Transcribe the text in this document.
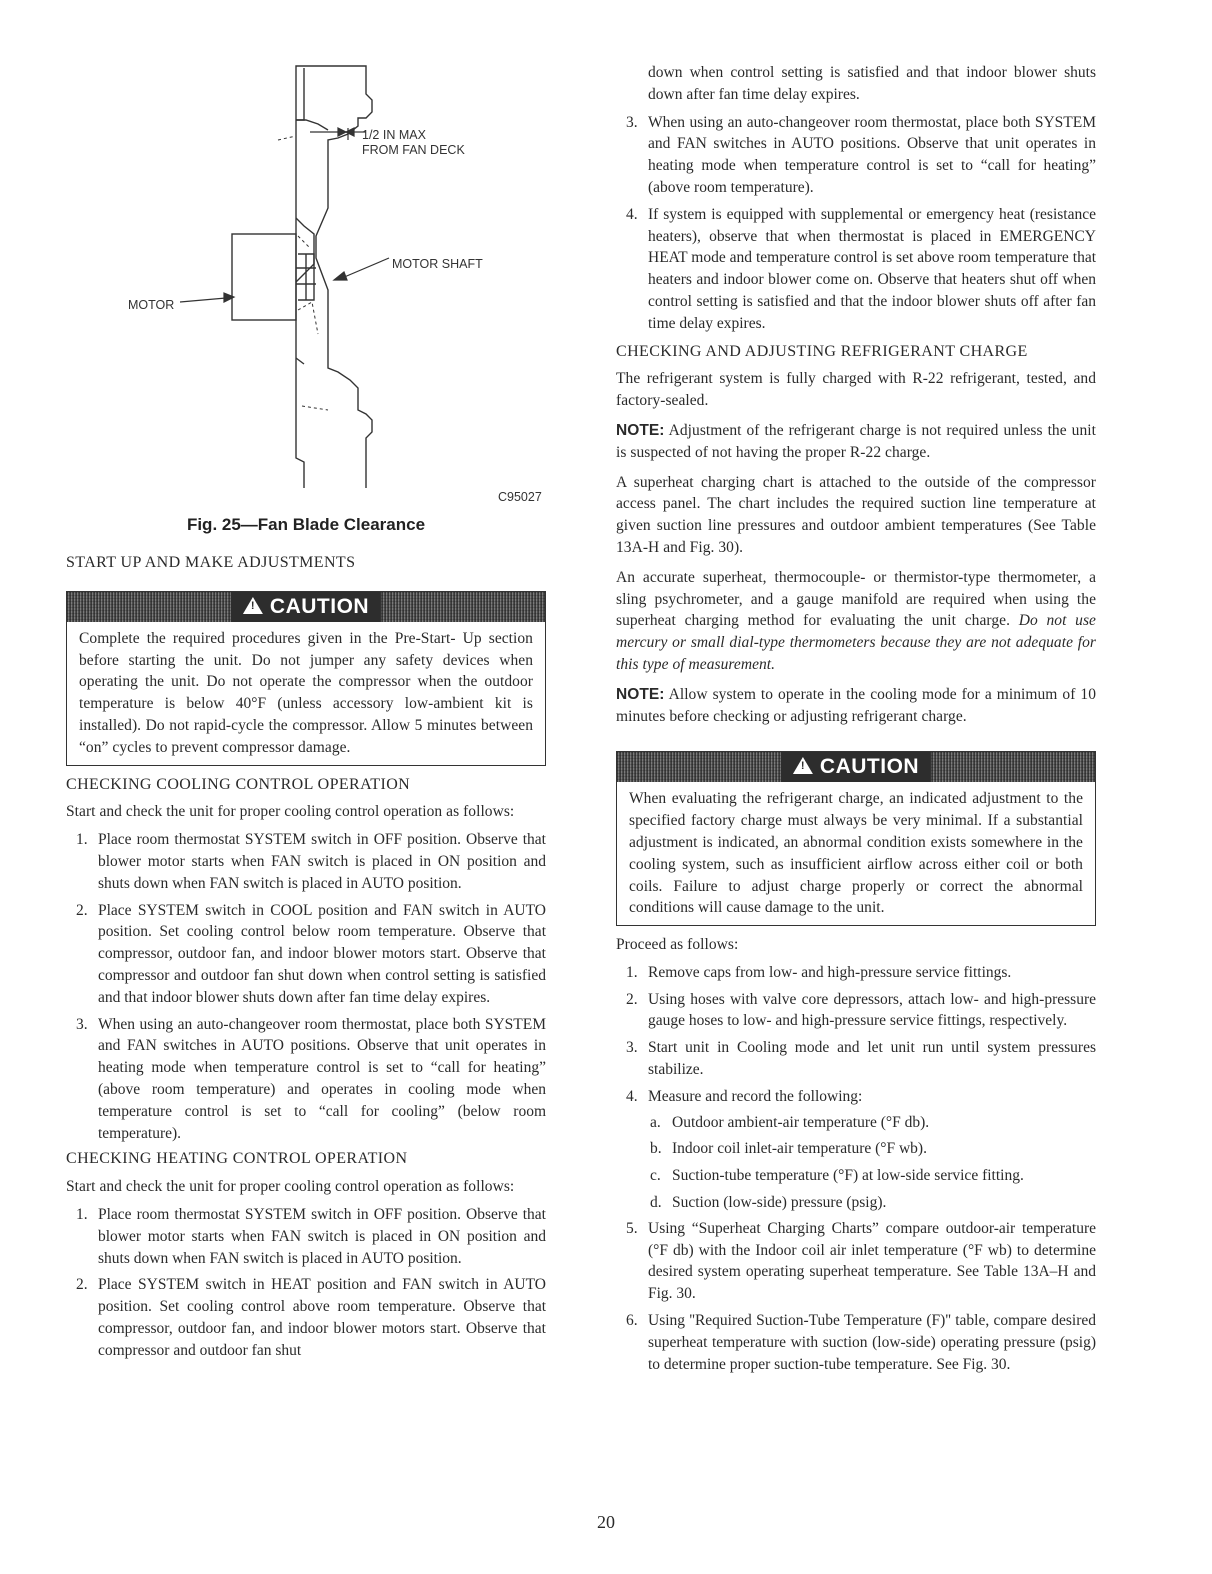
1/2 IN MAX
FROM FAN DECK
MOTOR SHAFT
MOTOR
C95027
Fig. 25—Fan Blade Clearance

START UP AND MAKE ADJUSTMENTS

! CAUTION

Complete the required procedures given in the Pre-Start- Up section before starting the unit. Do not jumper any safety devices when operating the unit. Do not operate the compressor when the outdoor temperature is below 40°F (unless accessory low-ambient kit is installed). Do not rapid-cycle the compressor. Allow 5 minutes between “on” cycles to prevent compressor damage.

CHECKING COOLING CONTROL OPERATION

Start and check the unit for proper cooling control operation as follows:

1. Place room thermostat SYSTEM switch in OFF position. Observe that blower motor starts when FAN switch is placed in ON position and shuts down when FAN switch is placed in AUTO position.
2. Place SYSTEM switch in COOL position and FAN switch in AUTO position. Set cooling control below room temperature. Observe that compressor, outdoor fan, and indoor blower motors start. Observe that compressor and outdoor fan shut down when control setting is satisfied and that indoor blower shuts down after fan time delay expires.
3. When using an auto-changeover room thermostat, place both SYSTEM and FAN switches in AUTO positions. Observe that unit operates in heating mode when temperature control is set to “call for heating” (above room temperature) and operates in cooling mode when temperature control is set to “call for cooling” (below room temperature).

CHECKING HEATING CONTROL OPERATION

Start and check the unit for proper cooling control operation as follows:

1. Place room thermostat SYSTEM switch in OFF position. Observe that blower motor starts when FAN switch is placed in ON position and shuts down when FAN switch is placed in AUTO position.
2. Place SYSTEM switch in HEAT position and FAN switch in AUTO position. Set cooling control above room temperature. Observe that compressor, outdoor fan, and indoor blower motors start. Observe that compressor and outdoor fan shut
down when control setting is satisfied and that indoor blower shuts down after fan time delay expires.
3. When using an auto-changeover room thermostat, place both SYSTEM and FAN switches in AUTO positions. Observe that unit operates in heating mode when temperature control is set to “call for heating” (above room temperature).
4. If system is equipped with supplemental or emergency heat (resistance heaters), observe that when thermostat is placed in EMERGENCY HEAT mode and temperature control is set above room temperature that heaters and indoor blower come on. Observe that heaters shut off when control setting is satisfied and that the indoor blower shuts off after fan time delay expires.

CHECKING AND ADJUSTING REFRIGERANT CHARGE

The refrigerant system is fully charged with R-22 refrigerant, tested, and factory-sealed.

NOTE: Adjustment of the refrigerant charge is not required unless the unit is suspected of not having the proper R-22 charge.

A superheat charging chart is attached to the outside of the compressor access panel. The chart includes the required suction line temperature at given suction line pressures and outdoor ambient temperatures (See Table 13A-H and Fig. 30).

An accurate superheat, thermocouple- or thermistor-type thermometer, a sling psychrometer, and a gauge manifold are required when using the superheat charging method for evaluating the unit charge. Do not use mercury or small dial-type thermometers because they are not adequate for this type of measurement.

NOTE: Allow system to operate in the cooling mode for a minimum of 10 minutes before checking or adjusting refrigerant charge.

! CAUTION

When evaluating the refrigerant charge, an indicated adjustment to the specified factory charge must always be very minimal. If a substantial adjustment is indicated, an abnormal condition exists somewhere in the cooling system, such as insufficient airflow across either coil or both coils. Failure to adjust charge properly or correct the abnormal conditions will cause damage to the unit.

Proceed as follows:

1. Remove caps from low- and high-pressure service fittings.
2. Using hoses with valve core depressors, attach low- and high-pressure gauge hoses to low- and high-pressure service fittings, respectively.
3. Start unit in Cooling mode and let unit run until system pressures stabilize.
4. Measure and record the following:
a. Outdoor ambient-air temperature (°F db).
b. Indoor coil inlet-air temperature (°F wb).
c. Suction-tube temperature (°F) at low-side service fitting.
d. Suction (low-side) pressure (psig).
5. Using “Superheat Charging Charts” compare outdoor-air temperature (°F db) with the Indoor coil air inlet temperature (°F wb) to determine desired system operating superheat temperature. See Table 13A–H and Fig. 30.
6. Using ''Required Suction-Tube Temperature (F)'' table, compare desired superheat temperature with suction (low-side) operating pressure (psig) to determine proper suction-tube temperature. See Fig. 30.
20
